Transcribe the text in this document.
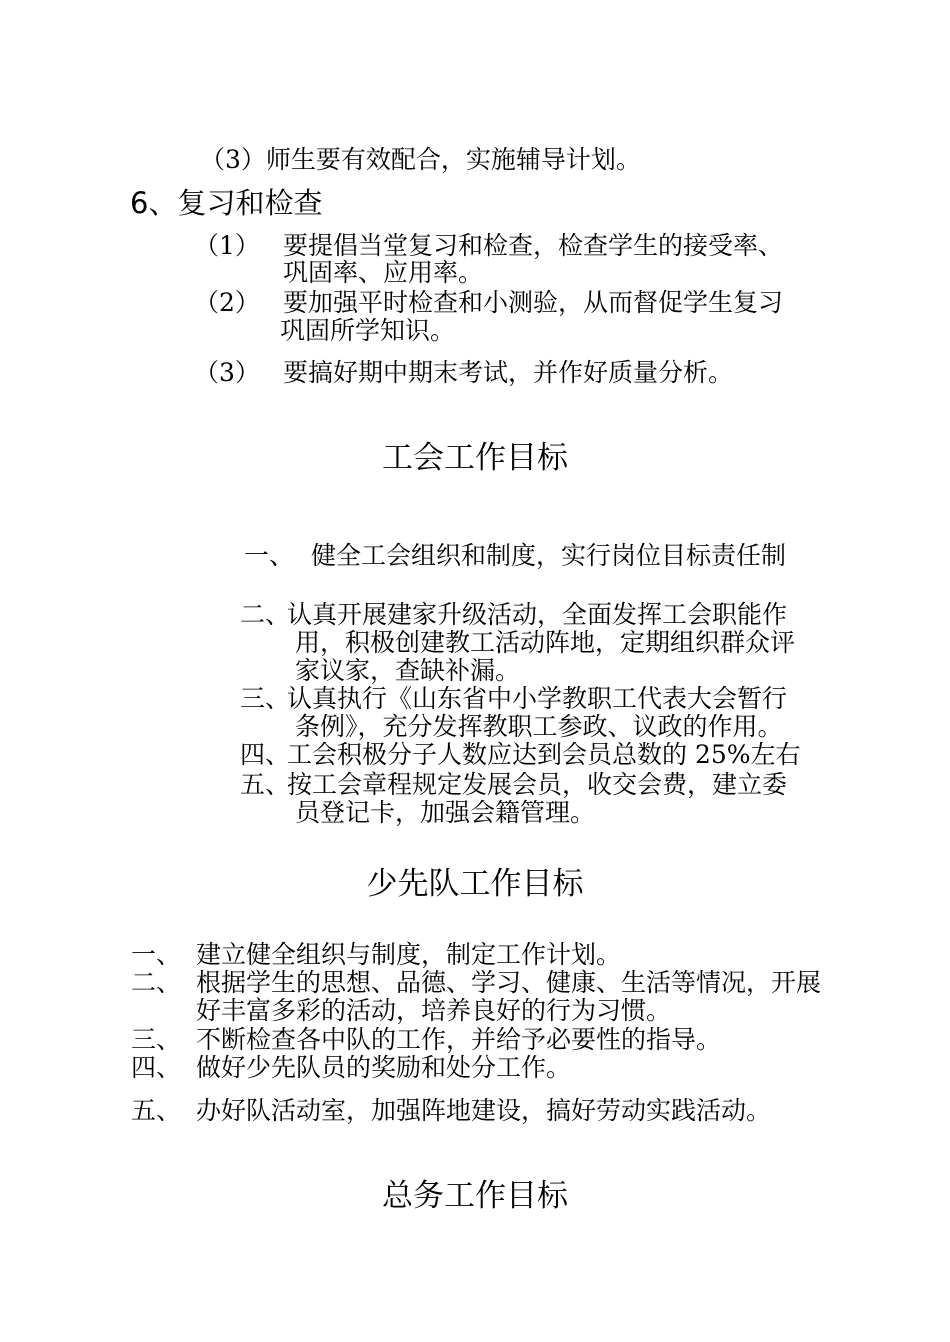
（3）师生要有效配合，实施辅导计划。
6、复习和检查
（1） 要提倡当堂复习和检查，检查学生的接受率、
巩固率、应用率。
（2） 要加强平时检查和小测验，从而督促学生复习
巩固所学知识。
（3） 要搞好期中期末考试，并作好质量分析。
工会工作目标
一、 健全工会组织和制度，实行岗位目标责任制
二、
认真开展建家升级活动，全面发挥工会职能作
用，积极创建教工活动阵地，定期组织群众评
家议家，查缺补漏。
三、
认真执行《山东省中小学教职工代表大会暂行
条例》，充分发挥教职工参政、议政的作用。
四、
工会积极分子人数应达到会员总数的 25%左右
五、
按工会章程规定发展会员，收交会费，建立委
员登记卡，加强会籍管理。
少先队工作目标
一、 建立健全组织与制度，制定工作计划。
二、 根据学生的思想、品德、学习、健康、生活等情况，开展
好丰富多彩的活动，培养良好的行为习惯。
三、 不断检查各中队的工作，并给予必要性的指导。
四、 做好少先队员的奖励和处分工作。
五、 办好队活动室，加强阵地建设，搞好劳动实践活动。
总务工作目标
